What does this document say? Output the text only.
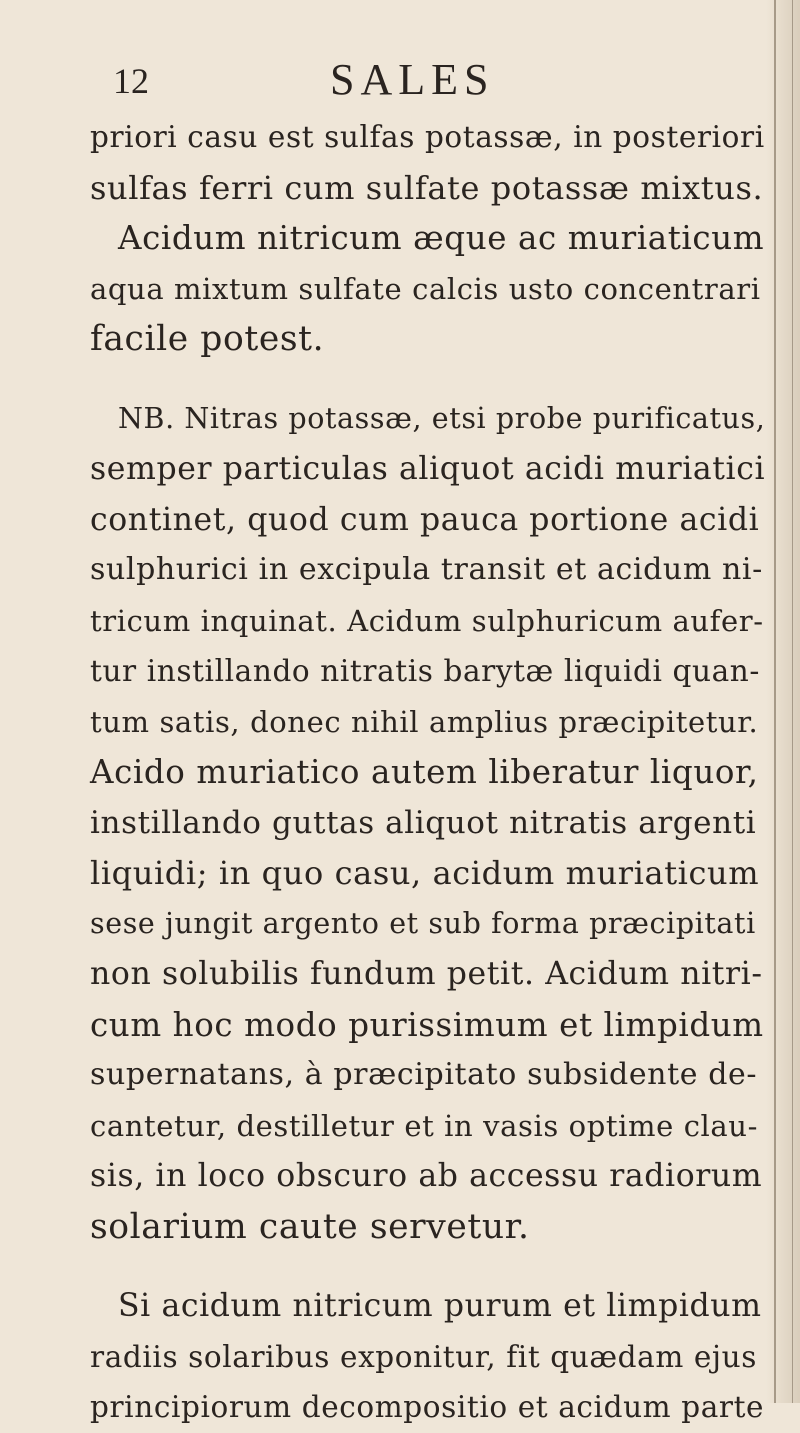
12	SALES
priori casu est sulfas potassæ, in posteriori
sulfas ferri cum sulfate potassæ mixtus.
Acidum nitricum æque ac muriaticum
aqua mixtum sulfate calcis usto concentrari
facile potest.
NB. Nitras potassæ, etsi probe purificatus,
semper particulas aliquot acidi muriatici
continet, quod cum pauca portione acidi
sulphurici in excipula transit et acidum ni-
tricum inquinat. Acidum sulphuricum aufer-
tur instillando nitratis barytæ liquidi quan-
tum satis, donec nihil amplius præcipitetur.
Acido muriatico autem liberatur liquor,
instillando guttas aliquot nitratis argenti
liquidi; in quo casu, acidum muriaticum
sese jungit argento et sub forma præcipitati
non solubilis fundum petit. Acidum nitri-
cum hoc modo purissimum et limpidum
supernatans, à præcipitato subsidente de-
cantetur, destilletur et in vasis optime clau-
sis, in loco obscuro ab accessu radiorum
solarium caute servetur.
Si acidum nitricum purum et limpidum
radiis solaribus exponitur, fit quædam ejus
principiorum decompositio et acidum parte
